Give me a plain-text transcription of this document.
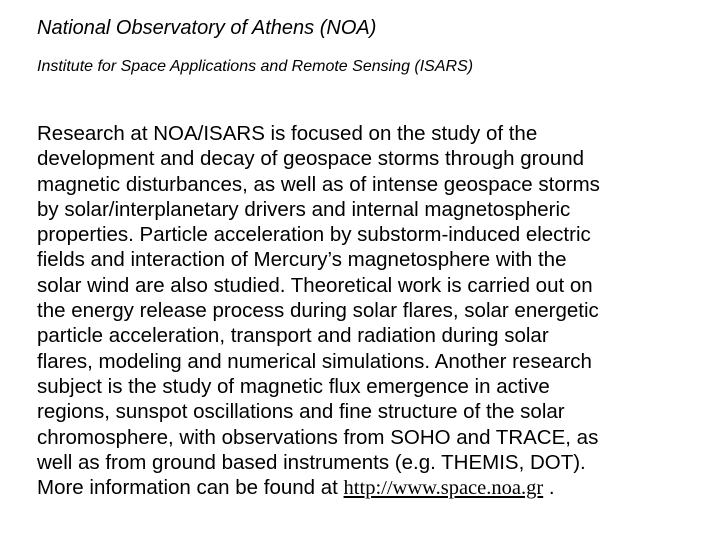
National Observatory of Athens (NOA)
Institute for Space Applications and Remote Sensing (ISARS)
Research at NOA/ISARS is focused on the study of the
development and decay of geospace storms through ground
magnetic disturbances, as well as of intense geospace storms
by solar/interplanetary drivers and internal magnetospheric
properties. Particle acceleration by substorm-induced electric
fields and interaction of Mercury’s magnetosphere with the
solar wind are also studied. Theoretical work is carried out on
the energy release process during solar flares, solar energetic
particle acceleration, transport and radiation during solar
flares, modeling and numerical simulations. Another research
subject is the study of magnetic flux emergence in active
regions, sunspot oscillations and fine structure of the solar
chromosphere, with observations from SOHO and TRACE, as
well as from ground based instruments (e.g. THEMIS, DOT).
More information can be found at http://www.space.noa.gr .
